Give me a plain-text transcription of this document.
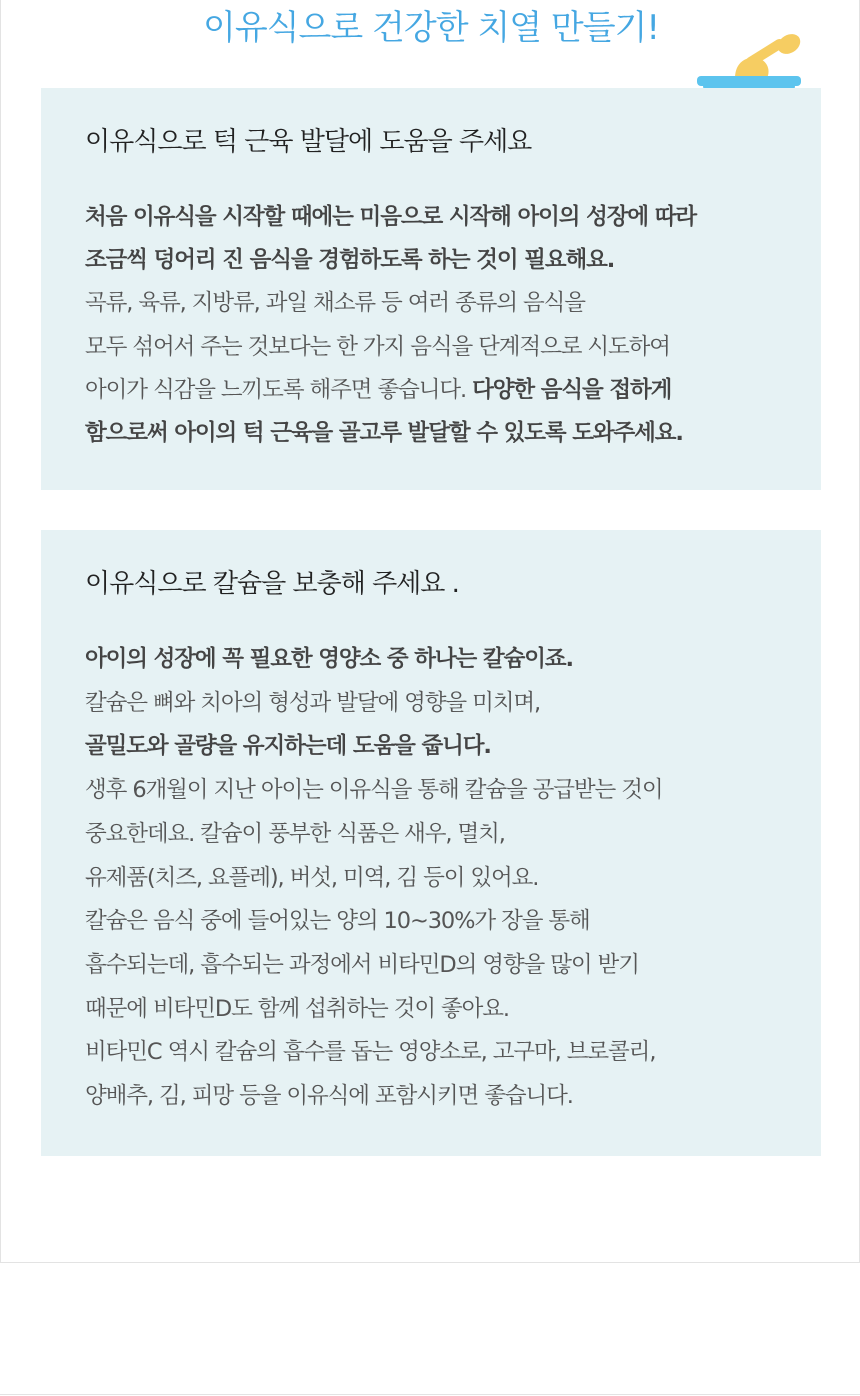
이유식으로 건강한 치열 만들기!
이유식으로 턱 근육 발달에 도움을 주세요
처음 이유식을 시작할 때에는 미음으로 시작해 아이의 성장에 따라
조금씩 덩어리 진 음식을 경험하도록 하는 것이 필요해요.
곡류, 육류, 지방류, 과일 채소류 등 여러 종류의 음식을
모두 섞어서 주는 것보다는 한 가지 음식을 단계적으로 시도하여
아이가 식감을 느끼도록 해주면 좋습니다. 다양한 음식을 접하게
함으로써 아이의 턱 근육을 골고루 발달할 수 있도록 도와주세요.
이유식으로 칼슘을 보충해 주세요 .
아이의 성장에 꼭 필요한 영양소 중 하나는 칼슘이죠.
칼슘은 뼈와 치아의 형성과 발달에 영향을 미치며,
골밀도와 골량을 유지하는데 도움을 줍니다.
생후 6개월이 지난 아이는 이유식을 통해 칼슘을 공급받는 것이
중요한데요. 칼슘이 풍부한 식품은 새우, 멸치,
유제품(치즈, 요플레), 버섯, 미역, 김 등이 있어요.
칼슘은 음식 중에 들어있는 양의 10~30%가 장을 통해
흡수되는데, 흡수되는 과정에서 비타민D의 영향을 많이 받기
때문에 비타민D도 함께 섭취하는 것이 좋아요.
비타민C 역시 칼슘의 흡수를 돕는 영양소로, 고구마, 브로콜리,
양배추, 김, 피망 등을 이유식에 포함시키면 좋습니다.
